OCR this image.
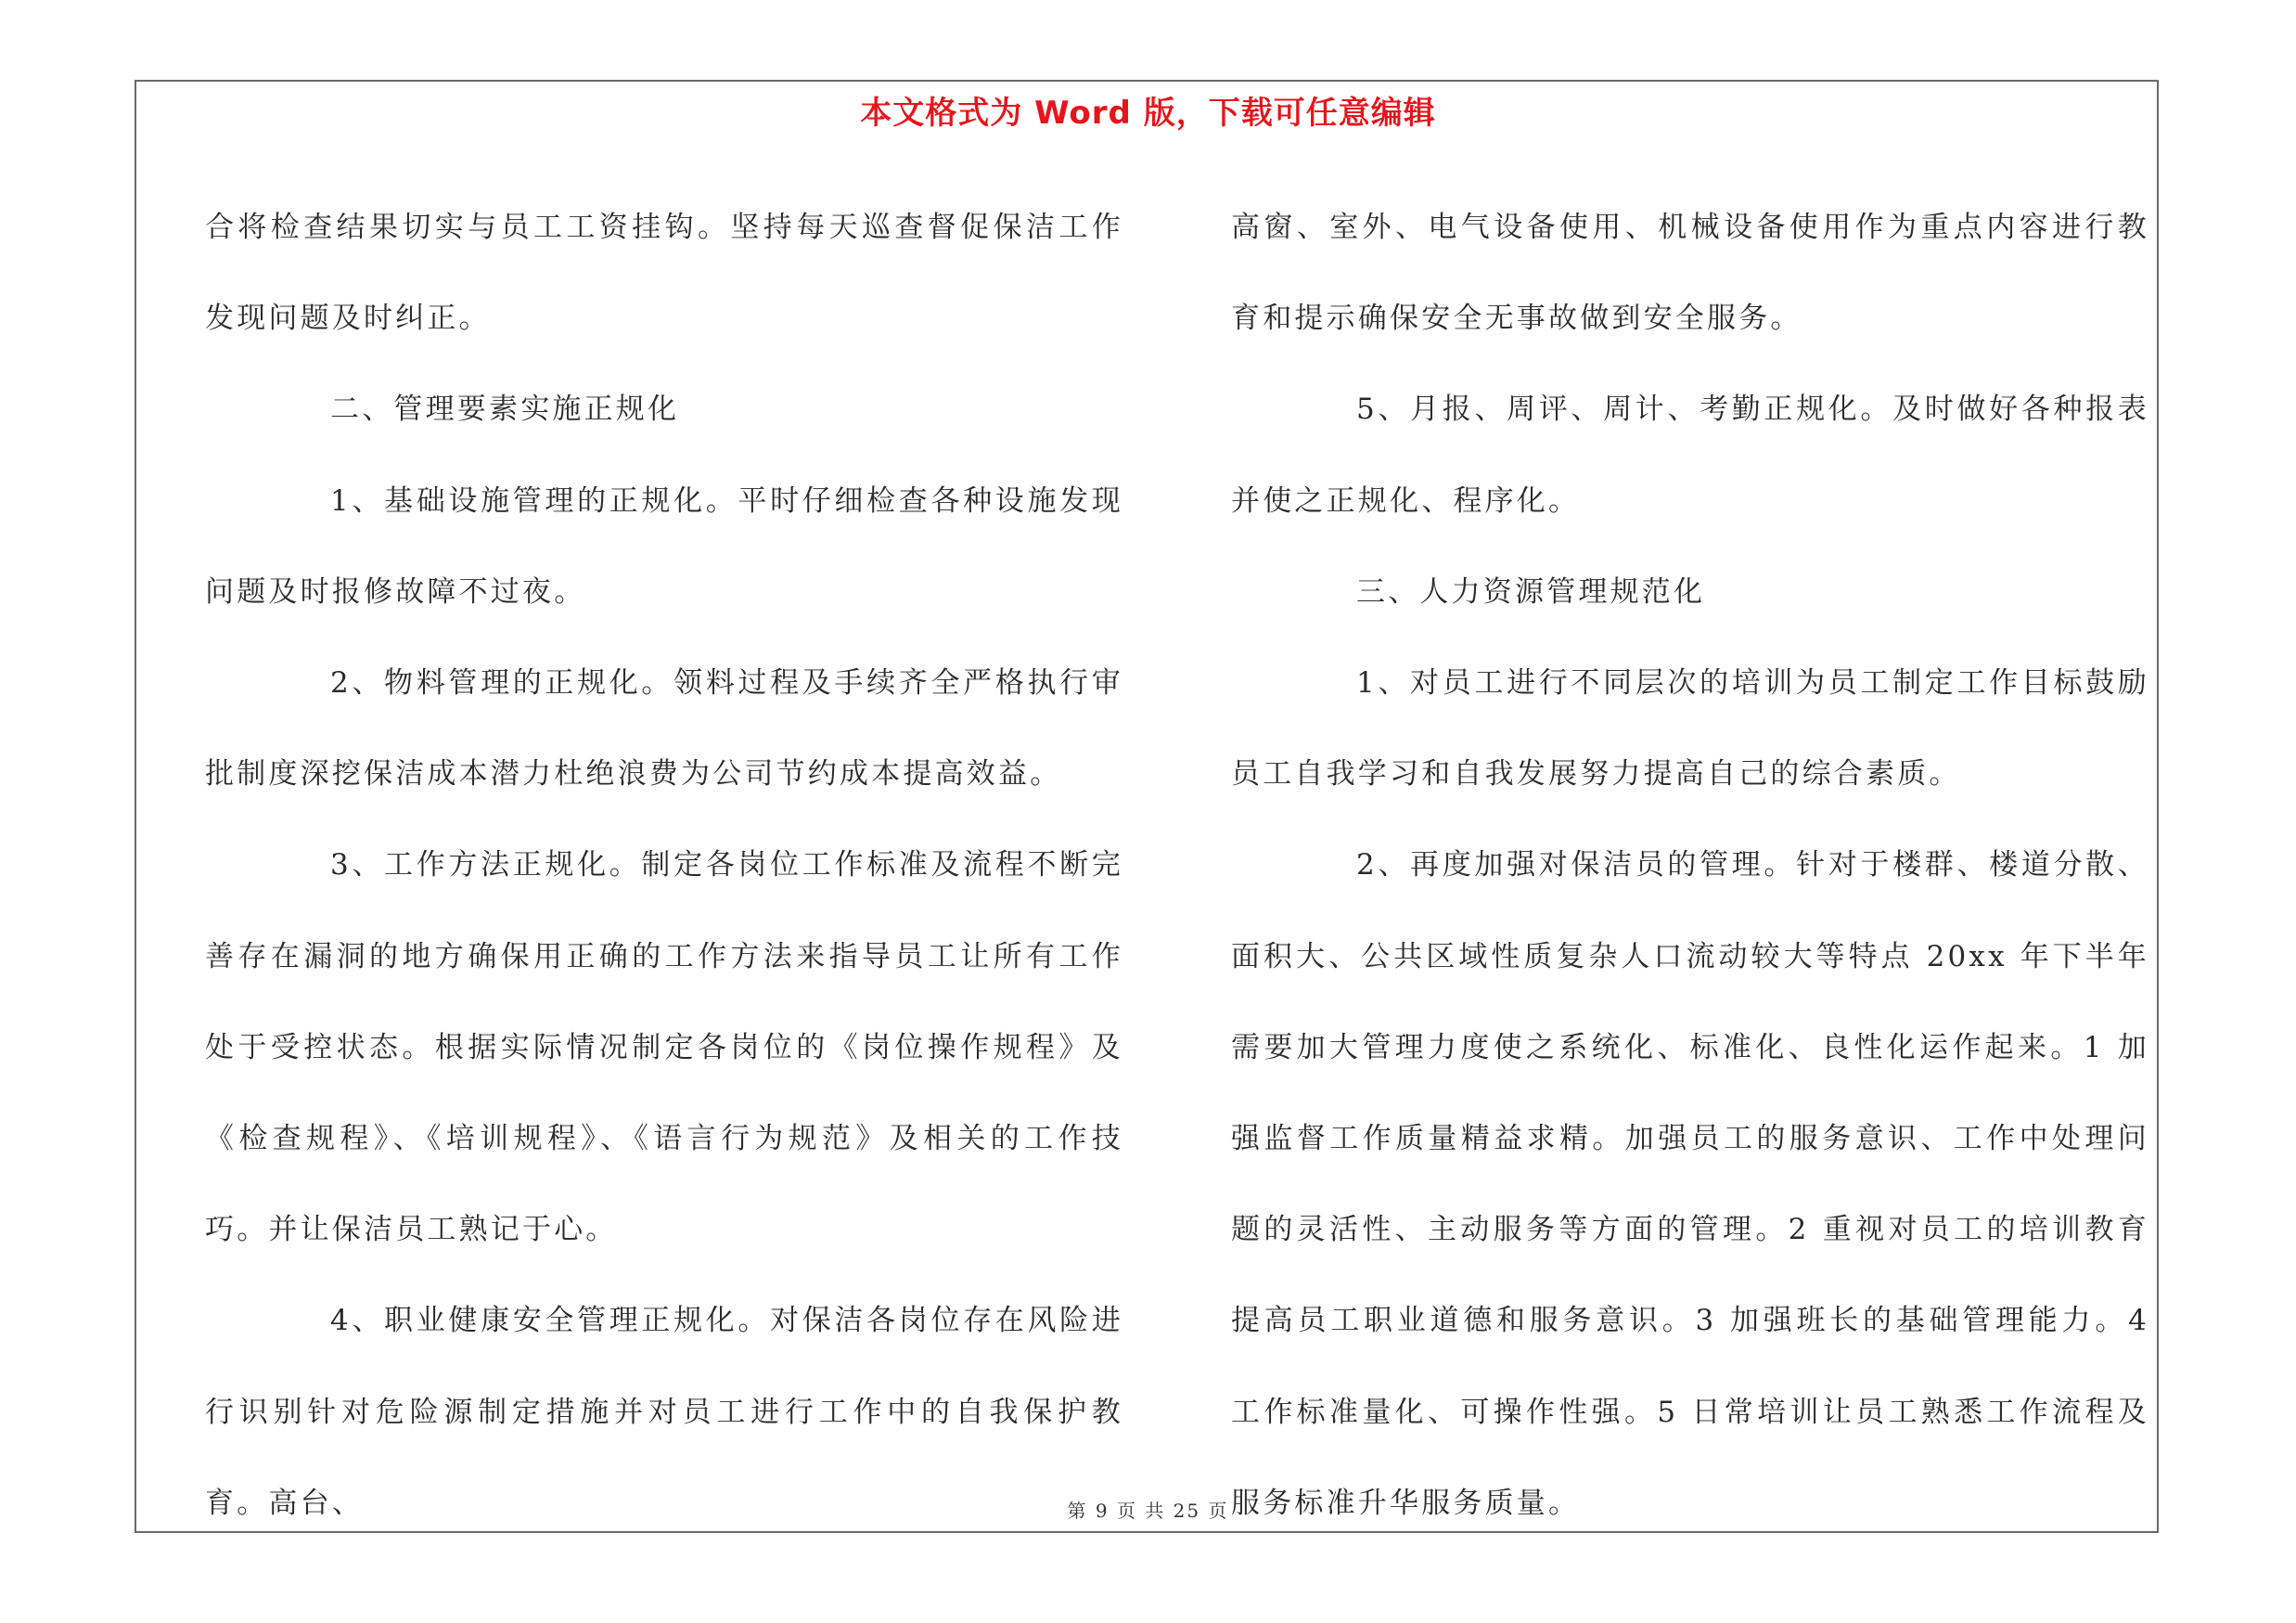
本文格式为 Word 版，下载可任意编辑

合将检查结果切实与员工工资挂钩。坚持每天巡查督促保洁工作发现问题及时纠正。

二、管理要素实施正规化

1、基础设施管理的正规化。平时仔细检查各种设施发现问题及时报修故障不过夜。

2、物料管理的正规化。领料过程及手续齐全严格执行审批制度深挖保洁成本潜力杜绝浪费为公司节约成本提高效益。

3、工作方法正规化。制定各岗位工作标准及流程不断完善存在漏洞的地方确保用正确的工作方法来指导员工让所有工作处于受控状态。根据实际情况制定各岗位的《岗位操作规程》及《检查规程》、《培训规程》、《语言行为规范》及相关的工作技巧。并让保洁员工熟记于心。

4、职业健康安全管理正规化。对保洁各岗位存在风险进行识别针对危险源制定措施并对员工进行工作中的自我保护教育。高台、

高窗、室外、电气设备使用、机械设备使用作为重点内容进行教育和提示确保安全无事故做到安全服务。

5、月报、周评、周计、考勤正规化。及时做好各种报表并使之正规化、程序化。

三、人力资源管理规范化

1、对员工进行不同层次的培训为员工制定工作目标鼓励员工自我学习和自我发展努力提高自己的综合素质。

2、再度加强对保洁员的管理。针对于楼群、楼道分散、面积大、公共区域性质复杂人口流动较大等特点 20xx 年下半年需要加大管理力度使之系统化、标准化、良性化运作起来。1 加强监督工作质量精益求精。加强员工的服务意识、工作中处理问题的灵活性、主动服务等方面的管理。2 重视对员工的培训教育提高员工职业道德和服务意识。3 加强班长的基础管理能力。4 工作标准量化、可操作性强。5 日常培训让员工熟悉工作流程及服务标准升华服务质量。

第 9 页 共 25 页
